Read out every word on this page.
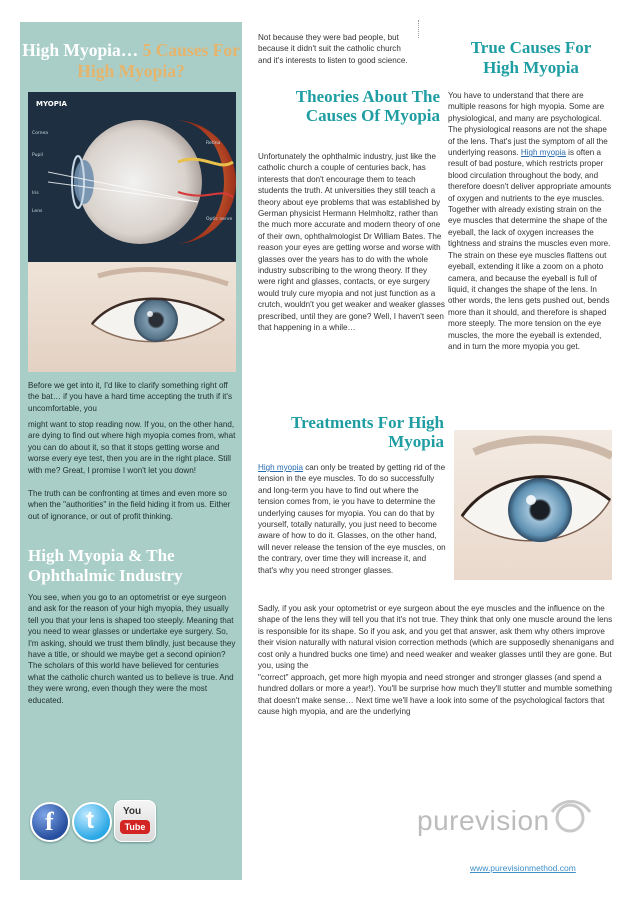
High Myopia… 5 Causes For High Myopia?
Cornea
Pupil
Iris
Lens
Retina
Optic nerve
MYOPIA

Before we get into it, I'd like to clarify something right off the bat… if you have a hard time accepting the truth if it's uncomfortable, you

might want to stop reading now. If you, on the other hand, are dying to find out where high myopia comes from, what you can do about it, so that it stops getting worse and worse every eye test, then you are in the right place. Still with me? Great, I promise I won't let you down!

The truth can be confronting at times and even more so when the "authorities" in the field hiding it from us. Either out of ignorance, or out of profit thinking.

High Myopia & The Ophthalmic Industry

You see, when you go to an optometrist or eye surgeon and ask for the reason of your high myopia, they usually tell you that your lens is shaped too steeply. Meaning that you need to wear glasses or undertake eye surgery. So, I'm asking, should we trust them blindly, just because they have a title, or should we maybe get a second opinion? The scholars of this world have believed for centuries what the catholic church wanted us to believe is true. And they were wrong, even though they were the most educated.

f t	You
Tube

Not because they were bad people, but because it didn't suit the catholic church and it's interests to listen to good science.

Theories About The Causes Of Myopia

Unfortunately the ophthalmic industry, just like the catholic church a couple of centuries back, has interests that don't encourage them to teach students the truth. At universities they still teach a theory about eye problems that was established by German physicist Hermann Helmholtz, rather than the much more accurate and modern theory of one of their own, ophthalmologist Dr William Bates. The reason your eyes are getting worse and worse with glasses over the years has to do with the whole industry subscribing to the wrong theory. If they were right and glasses, contacts, or eye surgery would truly cure myopia and not just function as a crutch, wouldn't you get weaker and weaker glasses prescribed, until they are gone? Well, I haven't seen that happening in a while…

Treatments For High Myopia

High myopia can only be treated by getting rid of the tension in the eye muscles. To do so successfully and long-term you have to find out where the tension comes from, ie you have to determine the underlying causes for myopia. You can do that by yourself, totally naturally, you just need to become aware of how to do it. Glasses, on the other hand, will never release the tension of the eye muscles, on the contrary, over time they will increase it, and that's why you need stronger glasses.

True Causes For High Myopia

You have to understand that there are multiple reasons for high myopia. Some are physiological, and many are psychological. The physiological reasons are not the shape of the lens. That's just the symptom of all the underlying reasons. High myopia is often a result of bad posture, which restricts proper blood circulation throughout the body, and therefore doesn't deliver appropriate amounts of oxygen and nutrients to the eye muscles. Together with already existing strain on the eye muscles that determine the shape of the eyeball, the lack of oxygen increases the tightness and strains the muscles even more. The strain on these eye muscles flattens out eyeball, extending it like a zoom on a photo camera, and because the eyeball is full of liquid, it changes the shape of the lens. In other words, the lens gets pushed out, bends more than it should, and therefore is shaped more steeply. The more tension on the eye muscles, the more the eyeball is extended, and in turn the more myopia you get.

Sadly, if you ask your optometrist or eye surgeon about the eye muscles and the influence on the shape of the lens they will tell you that it's not true. They think that only one muscle around the lens is responsible for its shape. So if you ask, and you get that answer, ask them why others improve their vision naturally with natural vision correction methods (which are supposedly shenanigans and cost only a hundred bucks one time) and need weaker and weaker glasses until they are gone. But you, using the

"correct" approach, get more high myopia and need stronger and stronger glasses (and spend a hundred dollars or more a year!). You'll be surprise how much they'll stutter and mumble something that doesn't make sense… Next time we'll have a look into some of the psychological factors that cause high myopia, and are the underlying

purevision
www.purevisionmethod.com
